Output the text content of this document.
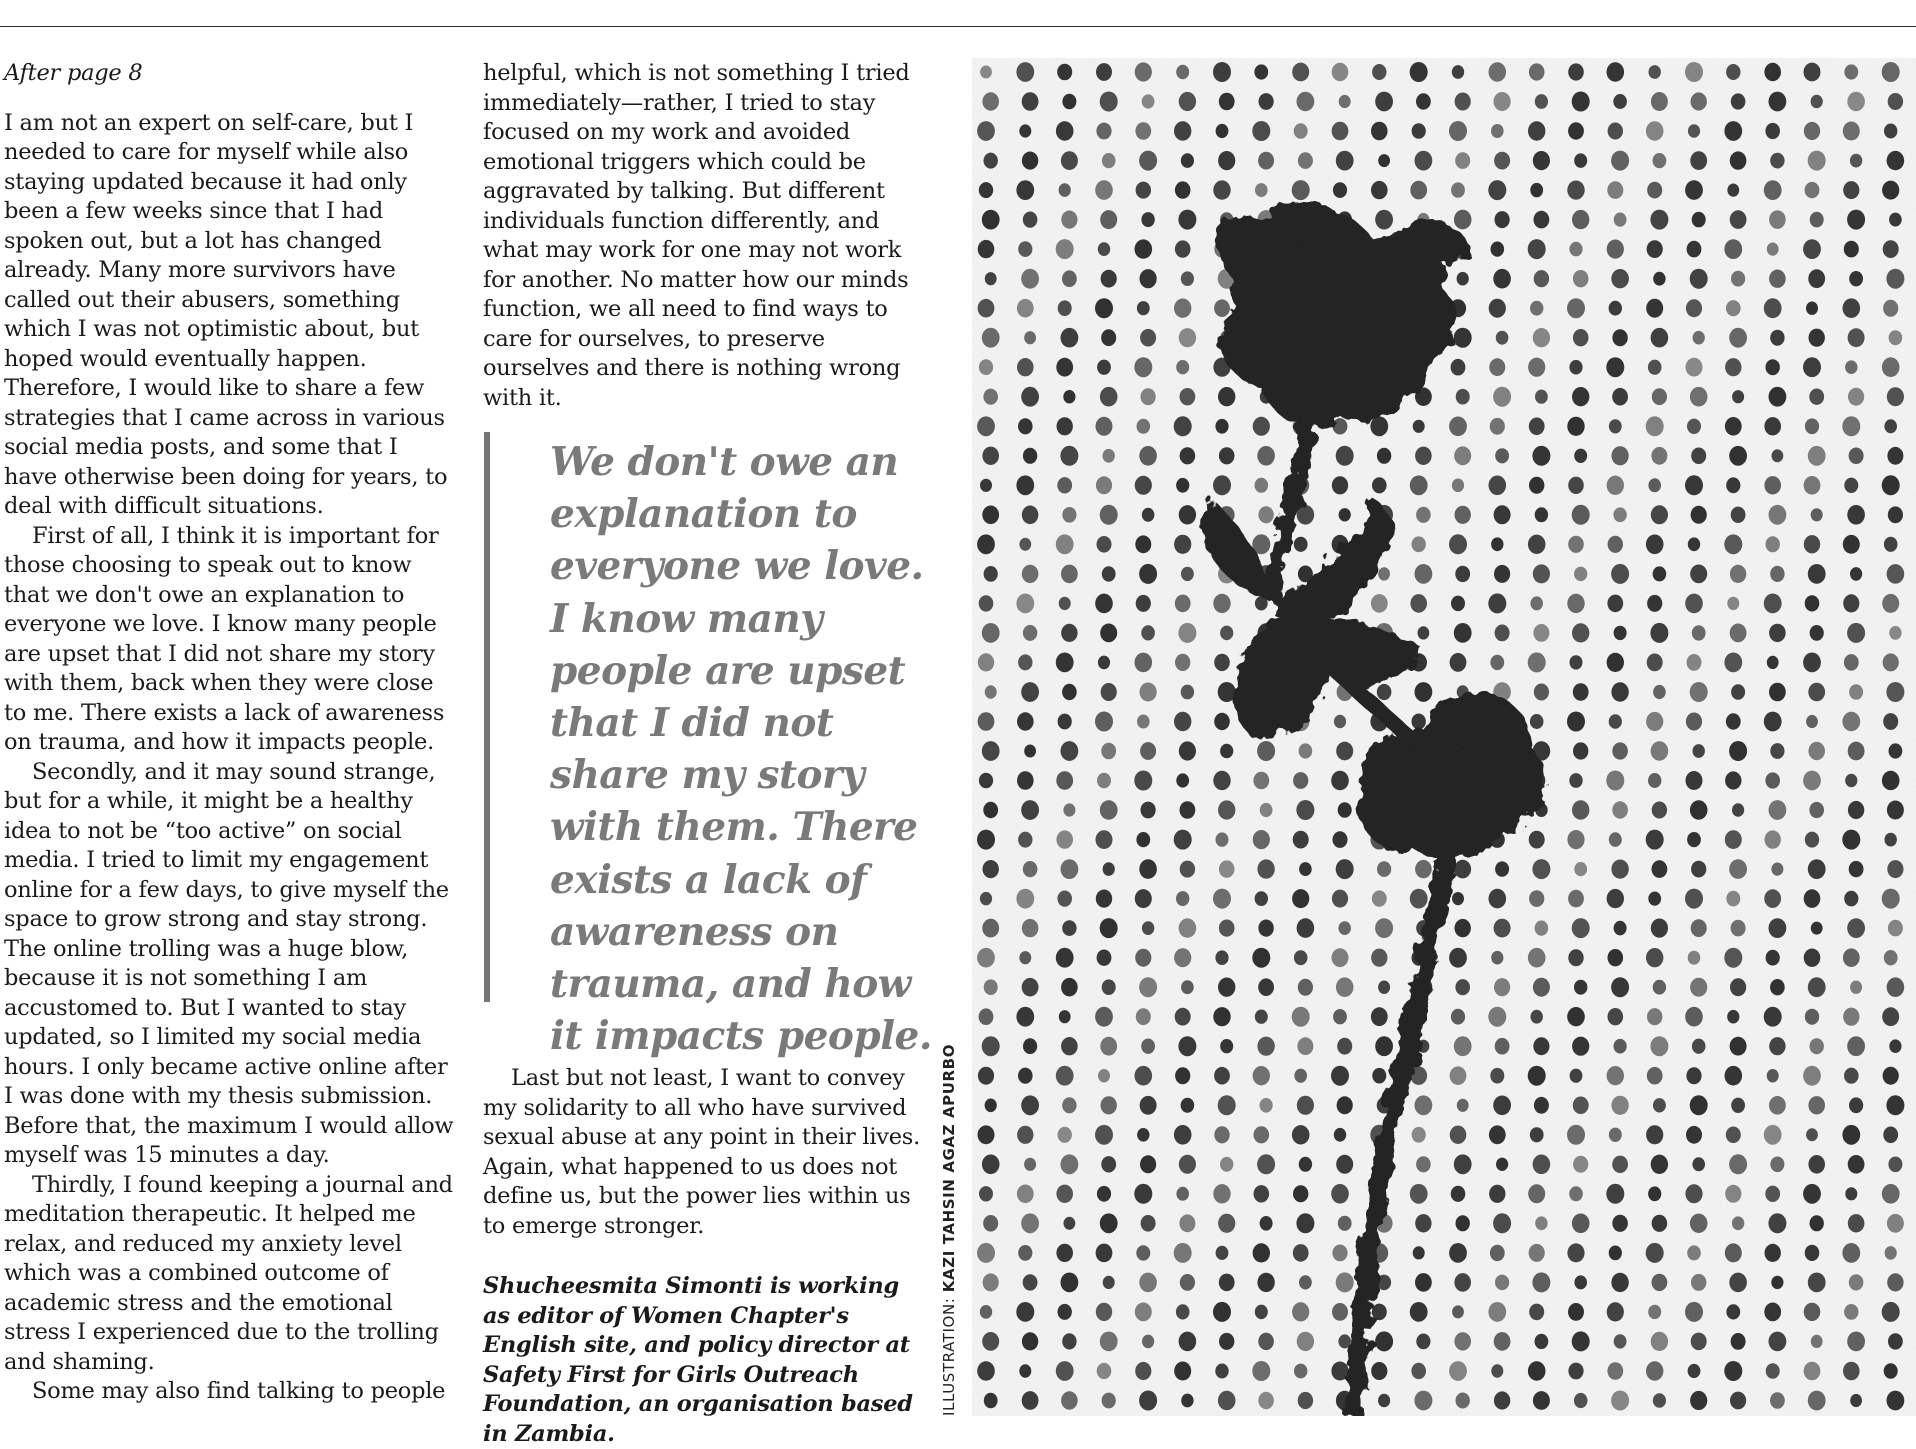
After page 8

I am not an expert on self-care, but I needed to care for myself while also staying updated because it had only been a few weeks since that I had spoken out, but a lot has changed already. Many more survivors have called out their abusers, something which I was not optimistic about, but hoped would eventually happen. Therefore, I would like to share a few strategies that I came across in various social media posts, and some that I have otherwise been doing for years, to deal with difficult situations.

First of all, I think it is important for those choosing to speak out to know that we don't owe an explanation to everyone we love. I know many people are upset that I did not share my story with them, back when they were close to me. There exists a lack of awareness on trauma, and how it impacts people.

Secondly, and it may sound strange, but for a while, it might be a healthy idea to not be “too active” on social media. I tried to limit my engagement online for a few days, to give myself the space to grow strong and stay strong. The online trolling was a huge blow, because it is not something I am accustomed to. But I wanted to stay updated, so I limited my social media hours. I only became active online after I was done with my thesis submission. Before that, the maximum I would allow myself was 15 minutes a day.

Thirdly, I found keeping a journal and meditation therapeutic. It helped me relax, and reduced my anxiety level which was a combined outcome of academic stress and the emotional stress I experienced due to the trolling and shaming.

Some may also find talking to people

helpful, which is not something I tried immediately—rather, I tried to stay focused on my work and avoided emotional triggers which could be aggravated by talking. But different individuals function differently, and what may work for one may not work for another. No matter how our minds function, we all need to find ways to care for ourselves, to preserve ourselves and there is nothing wrong with it.

We don't owe an explanation to everyone we love. I know many people are upset that I did not share my story with them. There exists a lack of awareness on trauma, and how it impacts people.

Last but not least, I want to convey my solidarity to all who have survived sexual abuse at any point in their lives. Again, what happened to us does not define us, but the power lies within us to emerge stronger.

Shucheesmita Simonti is working as editor of Women Chapter's English site, and policy director at Safety First for Girls Outreach Foundation, an organisation based in Zambia.

ILLUSTRATION: KAZI TAHSIN AGAZ APURBO
